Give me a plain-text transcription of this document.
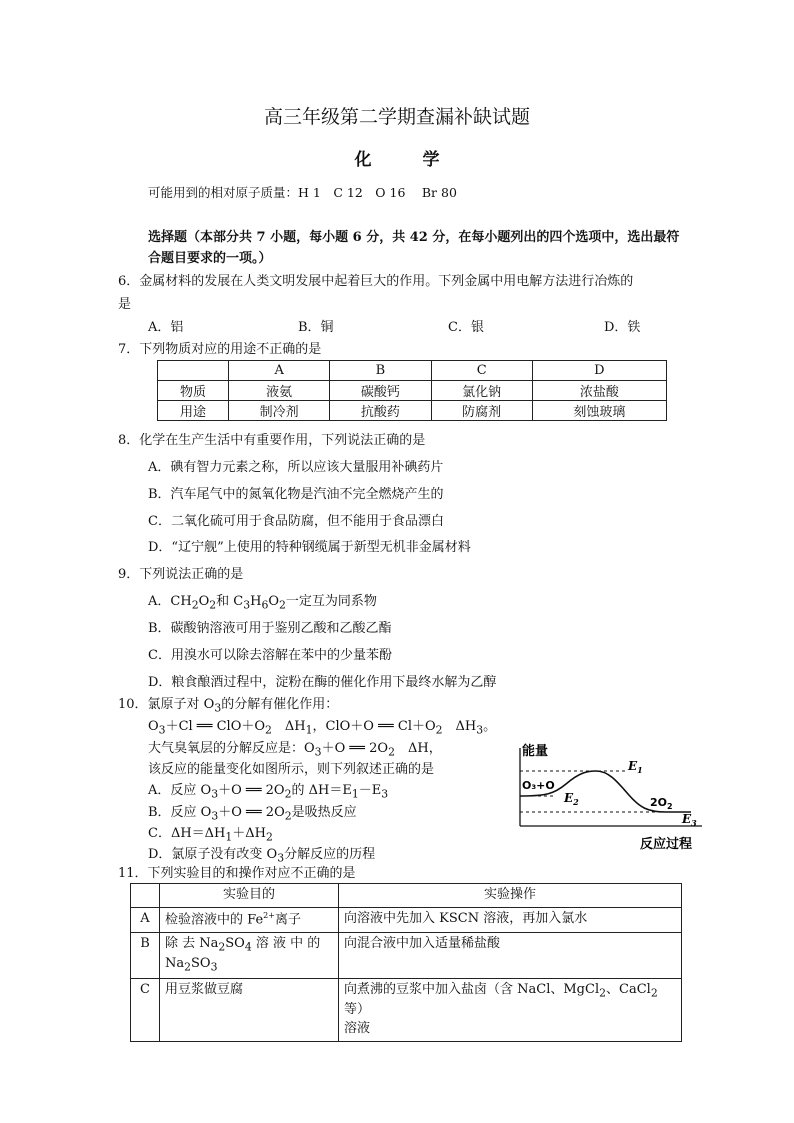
高三年级第二学期查漏补缺试题
化　　　学
可能用到的相对原子质量：H 1　C 12　O 16　 Br 80
选择题（本部分共 7 小题，每小题 6 分，共 42 分，在每小题列出的四个选项中，选出最符
合题目要求的一项。）
6．金属材料的发展在人类文明发展中起着巨大的作用。下列金属中用电解方法进行冶炼的
是
A．铝	B．铜	C．银	D．铁
7．下列物质对应的用途不正确的是
	A	B	C	D
物质	液氨	碳酸钙	氯化钠	浓盐酸
用途	制冷剂	抗酸药	防腐剂	刻蚀玻璃
8．化学在生产生活中有重要作用，下列说法正确的是
A．碘有智力元素之称，所以应该大量服用补碘药片
B．汽车尾气中的氮氧化物是汽油不完全燃烧产生的
C．二氧化硫可用于食品防腐，但不能用于食品漂白
D．“辽宁舰”上使用的特种钢缆属于新型无机非金属材料
9．下列说法正确的是
A．$CH_2O_2$和 $C_3H_6O_2$一定互为同系物
B．碳酸钠溶液可用于鉴别乙酸和乙酸乙酯
C．用溴水可以除去溶解在苯中的少量苯酚
D．粮食酿酒过程中，淀粉在酶的催化作用下最终水解为乙醇
10．氯原子对 $O_3$的分解有催化作用：
$O_3+Cl$ ══ $ClO+O_2$　$\Delta H_1$，ClO＋O ══ $Cl+O_2$　$\Delta H_3$。
大气臭氧层的分解反应是：$O_3+O$ ══ $2O_2$　ΔH，
该反应的能量变化如图所示，则下列叙述正确的是
A．反应 $O_3+O$ ══ $2O_2$的 $\Delta H=E_1-E_3$
B．反应 $O_3+O$ ══ $2O_2$是吸热反应
C．$\Delta H=\Delta H_1+\Delta H_2$
D．氯原子没有改变 $O_3$分解反应的历程
能量
O₃+O
$E_2$
$E_1$
$2O_2$
$E_3$
反应过程
11．下列实验目的和操作对应不正确的是
	实验目的	实验操作
A	检验溶液中的 $Fe^{2+}$离子	向溶液中先加入 KSCN 溶液，再加入氯水
B	除 去 $Na_2SO_4$ 溶 液 中 的
$Na_2SO_3$	向混合液中加入适量稀盐酸
C	用豆浆做豆腐	向煮沸的豆浆中加入盐卤（含 NaCl、MgCl$_2$、CaCl$_2$等）
溶液
